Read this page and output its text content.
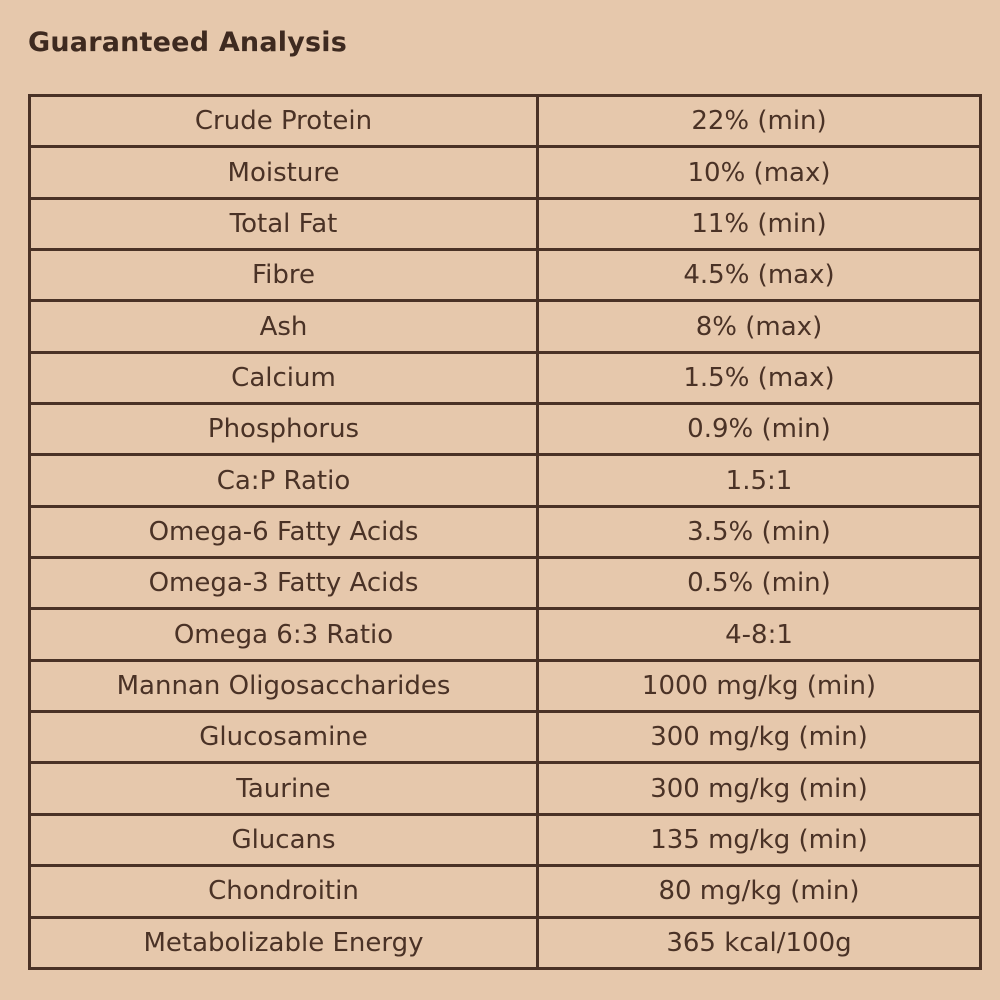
Guaranteed Analysis
Crude Protein	22% (min)
Moisture	10% (max)
Total Fat	11% (min)
Fibre	4.5% (max)
Ash	8% (max)
Calcium	1.5% (max)
Phosphorus	0.9% (min)
Ca:P Ratio	1.5:1
Omega-6 Fatty Acids	3.5% (min)
Omega-3 Fatty Acids	0.5% (min)
Omega 6:3 Ratio	4-8:1
Mannan Oligosaccharides	1000 mg/kg (min)
Glucosamine	300 mg/kg (min)
Taurine	300 mg/kg (min)
Glucans	135 mg/kg (min)
Chondroitin	80 mg/kg (min)
Metabolizable Energy	365 kcal/100g
